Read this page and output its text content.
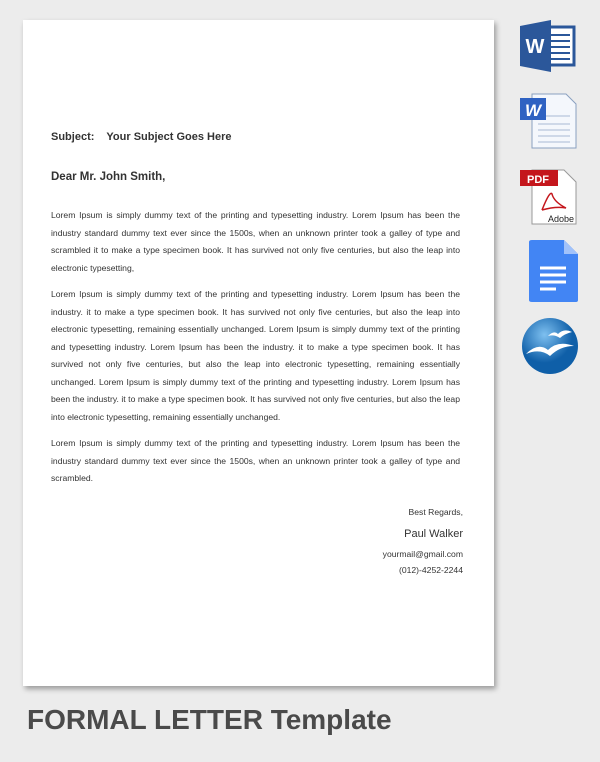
Subject: Your Subject Goes Here
Dear Mr. John Smith,

Lorem Ipsum is simply dummy text of the printing and typesetting industry. Lorem Ipsum has been the industry standard dummy text ever since the 1500s, when an unknown printer took a galley of type and scrambled it to make a type specimen book. It has survived not only five centuries, but also the leap into electronic typesetting,

Lorem Ipsum is simply dummy text of the printing and typesetting industry. Lorem Ipsum has been the industry. it to make a type specimen book. It has survived not only five centuries, but also the leap into electronic typesetting, remaining essentially unchanged. Lorem Ipsum is simply dummy text of the printing and typesetting industry. Lorem Ipsum has been the industry. it to make a type specimen book. It has survived not only five centuries, but also the leap into electronic typesetting, remaining essentially unchanged. Lorem Ipsum is simply dummy text of the printing and typesetting industry. Lorem Ipsum has been the industry. it to make a type specimen book. It has survived not only five centuries, but also the leap into electronic typesetting, remaining essentially unchanged.

Lorem Ipsum is simply dummy text of the printing and typesetting industry. Lorem Ipsum has been the industry standard dummy text ever since the 1500s, when an unknown printer took a galley of type and scrambled.

Best Regards,
Paul Walker
yourmail@gmail.com
(012)-4252-2244
W
W
PDF
Adobe
FORMAL LETTER Template
